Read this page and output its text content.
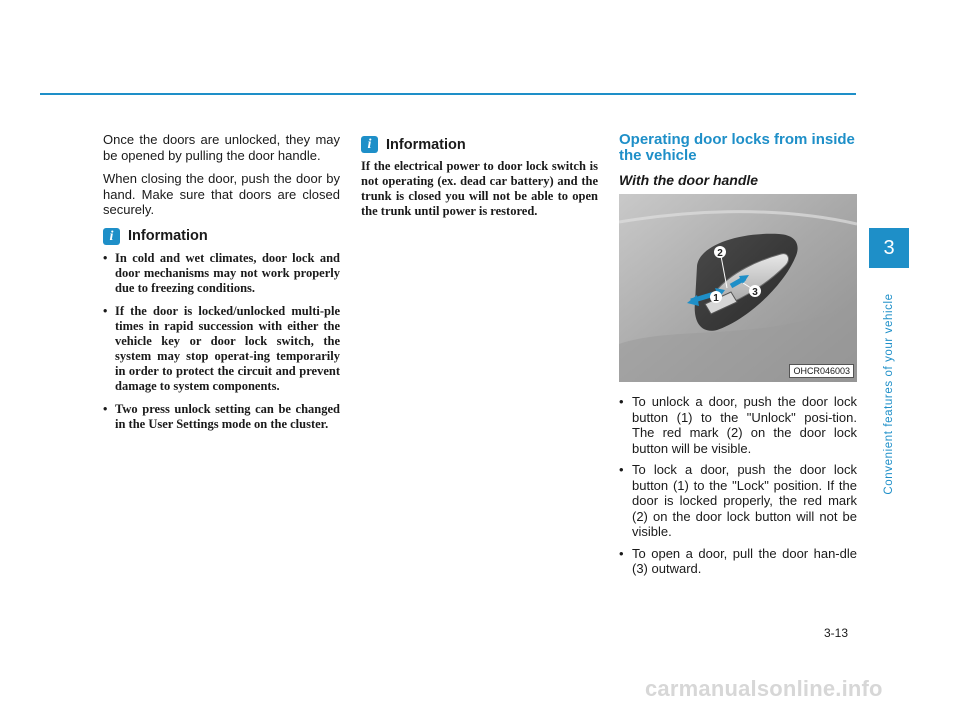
Once the doors are unlocked, they may be opened by pulling the door handle.

When closing the door, push the door by hand. Make sure that doors are closed securely.

i	Information
• In cold and wet climates, door lock and door mechanisms may not work properly due to freezing conditions.
• If the door is locked/unlocked multi-ple times in rapid succession with either the vehicle key or door lock switch, the system may stop operat-ing temporarily in order to protect the circuit and prevent damage to system components.
• Two press unlock setting can be changed in the User Settings mode on the cluster.
i	Information

If the electrical power to door lock switch is not operating (ex. dead car battery) and the trunk is closed you will not be able to open the trunk until power is restored.

Operating door locks from inside the vehicle
With the door handle
2
1
3
OHCR046003
• To unlock a door, push the door lock button (1) to the "Unlock" posi-tion. The red mark (2) on the door lock button will be visible.
• To lock a door, push the door lock button (1) to the "Lock" position. If the door is locked properly, the red mark (2) on the door lock button will not be visible.
• To open a door, pull the door han-dle (3) outward.
3
Convenient features of your vehicle
3-13
carmanualsonline.info
